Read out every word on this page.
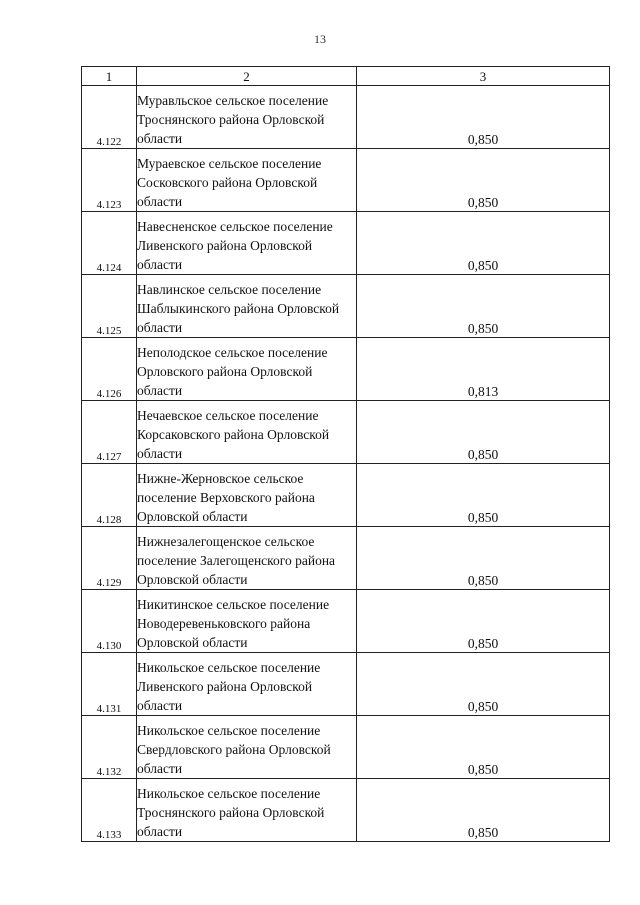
13
1	2	3
4.122	Муравльское сельское поселение Троснянского района Орловской области	0,850
4.123	Мураевское сельское поселение Сосковского района Орловской области	0,850
4.124	Навесненское сельское поселение Ливенского района Орловской области	0,850
4.125	Навлинское сельское поселение Шаблыкинского района Орловской области	0,850
4.126	Неполодское сельское поселение Орловского района Орловской области	0,813
4.127	Нечаевское сельское поселение Корсаковского района Орловской области	0,850
4.128	Нижне-Жерновское сельское поселение Верховского района Орловской области	0,850
4.129	Нижнезалегощенское сельское поселение Залегощенского района Орловской области	0,850
4.130	Никитинское сельское поселение Новодеревеньковского района Орловской области	0,850
4.131	Никольское сельское поселение Ливенского района Орловской области	0,850
4.132	Никольское сельское поселение Свердловского района Орловской области	0,850
4.133	Никольское сельское поселение Троснянского района Орловской области	0,850
